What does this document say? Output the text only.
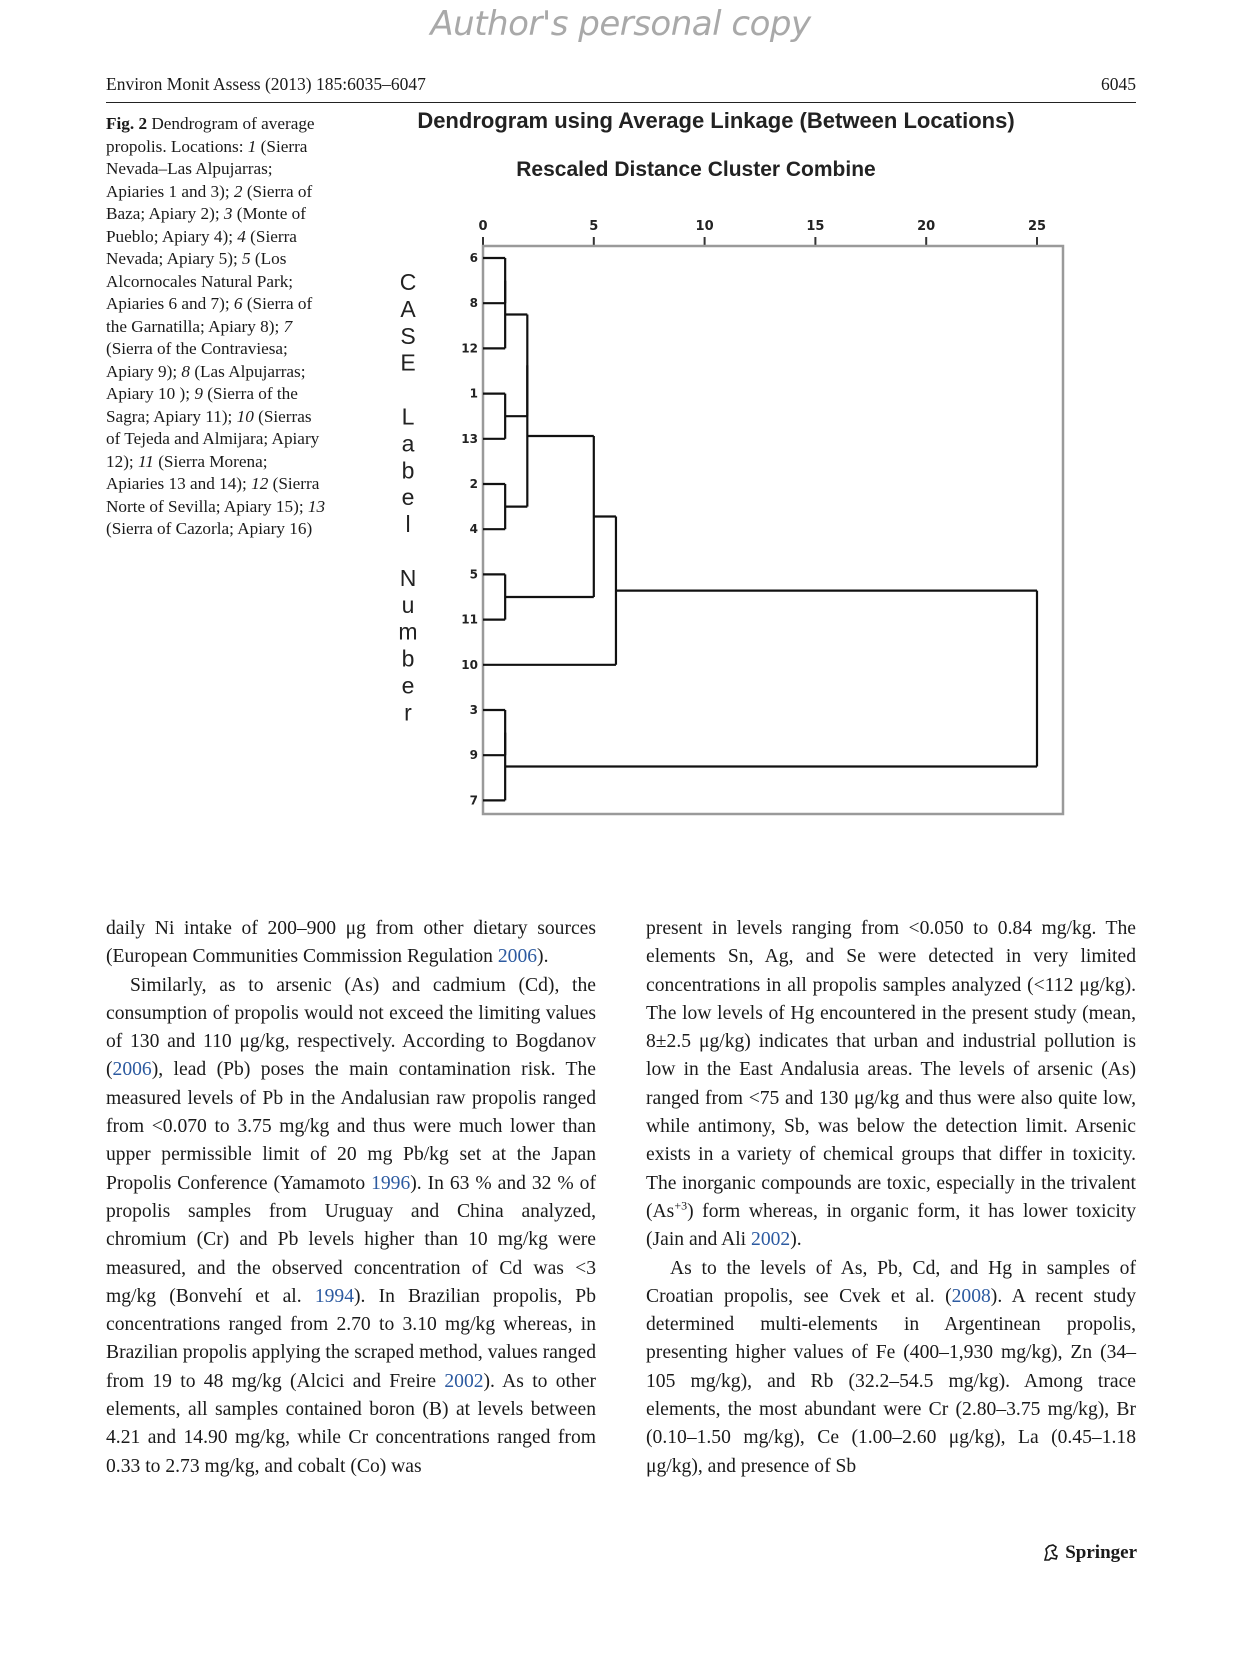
Author's personal copy
Environ Monit Assess (2013) 185:6035–6047	6045

Fig. 2 Dendrogram of average propolis. Locations: 1 (Sierra Nevada–Las Alpujarras; Apiaries 1 and 3); 2 (Sierra of Baza; Apiary 2); 3 (Monte of Pueblo; Apiary 4); 4 (Sierra Nevada; Apiary 5); 5 (Los Alcornocales Natural Park; Apiaries 6 and 7); 6 (Sierra of the Garnatilla; Apiary 8); 7 (Sierra of the Contraviesa; Apiary 9); 8 (Las Alpujarras; Apiary 10 ); 9 (Sierra of the Sagra; Apiary 11); 10 (Sierras of Tejeda and Almijara; Apiary 12); 11 (Sierra Morena; Apiaries 13 and 14); 12 (Sierra Norte of Sevilla; Apiary 15); 13 (Sierra of Cazorla; Apiary 16)

Dendrogram using Average Linkage (Between Locations)
Rescaled Distance Cluster Combine
C
A
S
E
L
a
b
e
l
N
u
m
b
e
r
0	5	10	15	20	25
6
8
12
1
13
2
4
5
11
10
3
9
7

daily Ni intake of 200–900 μg from other dietary sources (European Communities Commission Regulation 2006).

Similarly, as to arsenic (As) and cadmium (Cd), the consumption of propolis would not exceed the limiting values of 130 and 110 μg/kg, respectively. According to Bogdanov (2006), lead (Pb) poses the main contamination risk. The measured levels of Pb in the Andalusian raw propolis ranged from <0.070 to 3.75 mg/kg and thus were much lower than upper permissible limit of 20 mg Pb/kg set at the Japan Propolis Conference (Yamamoto 1996). In 63 % and 32 % of propolis samples from Uruguay and China analyzed, chromium (Cr) and Pb levels higher than 10 mg/kg were measured, and the observed concentration of Cd was <3 mg/kg (Bonvehí et al. 1994). In Brazilian propolis, Pb concentrations ranged from 2.70 to 3.10 mg/kg whereas, in Brazilian propolis applying the scraped method, values ranged from 19 to 48 mg/kg (Alcici and Freire 2002). As to other elements, all samples contained boron (B) at levels between 4.21 and 14.90 mg/kg, while Cr concentrations ranged from 0.33 to 2.73 mg/kg, and cobalt (Co) was

present in levels ranging from <0.050 to 0.84 mg/kg. The elements Sn, Ag, and Se were detected in very limited concentrations in all propolis samples analyzed (<112 μg/kg). The low levels of Hg encountered in the present study (mean, 8±2.5 μg/kg) indicates that urban and industrial pollution is low in the East Andalusia areas. The levels of arsenic (As) ranged from <75 and 130 μg/kg and thus were also quite low, while antimony, Sb, was below the detection limit. Arsenic exists in a variety of chemical groups that differ in toxicity. The inorganic compounds are toxic, especially in the trivalent $(As^{+3})$ form whereas, in organic form, it has lower toxicity (Jain and Ali 2002).

As to the levels of As, Pb, Cd, and Hg in samples of Croatian propolis, see Cvek et al. (2008). A recent study determined multi-elements in Argentinean propolis, presenting higher values of Fe (400–1,930 mg/kg), Zn (34–105 mg/kg), and Rb (32.2–54.5 mg/kg). Among trace elements, the most abundant were Cr (2.80–3.75 mg/kg), Br (0.10–1.50 mg/kg), Ce (1.00–2.60 μg/kg), La (0.45–1.18 μg/kg), and presence of Sb

Springer
